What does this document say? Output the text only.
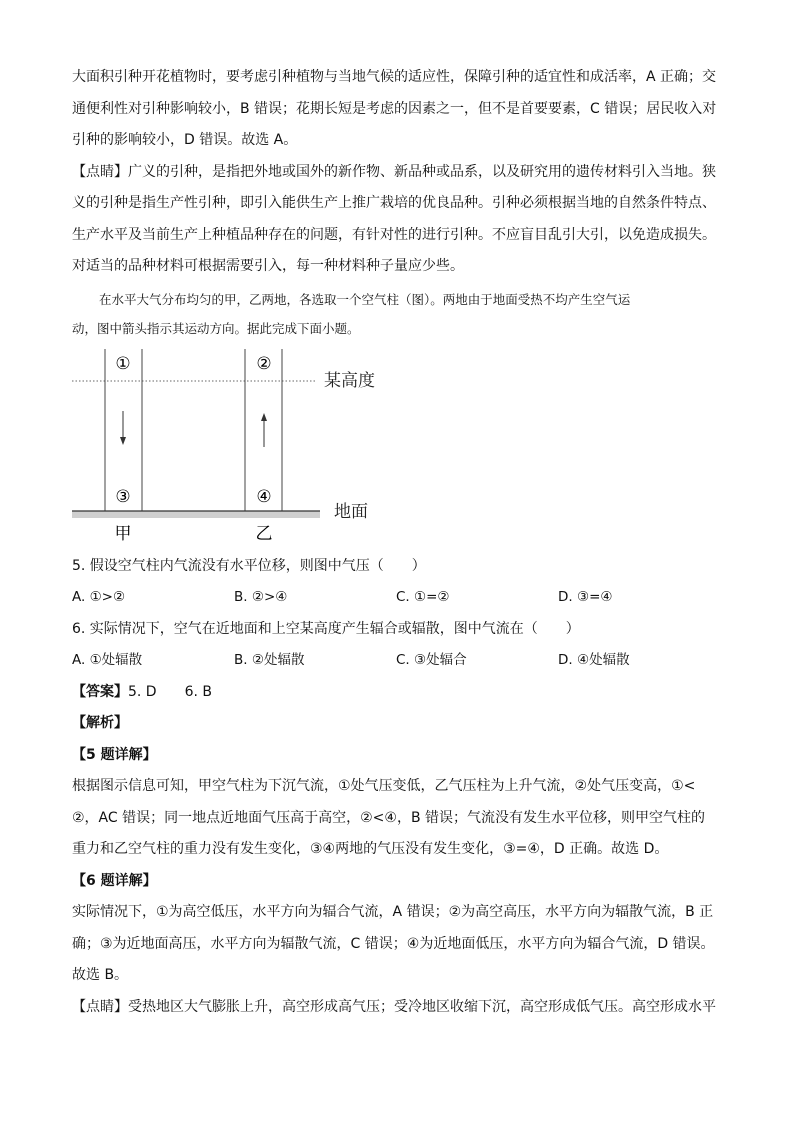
大面积引种开花植物时，要考虑引种植物与当地气候的适应性，保障引种的适宜性和成活率，A 正确；交

通便利性对引种影响较小，B 错误；花期长短是考虑的因素之一，但不是首要要素，C 错误；居民收入对

引种的影响较小，D 错误。故选 A。

【点睛】广义的引种，是指把外地或国外的新作物、新品种或品系，以及研究用的遗传材料引入当地。狭

义的引种是指生产性引种，即引入能供生产上推广栽培的优良品种。引种必须根据当地的自然条件特点、

生产水平及当前生产上种植品种存在的问题，有针对性的进行引种。不应盲目乱引大引，以免造成损失。

对适当的品种材料可根据需要引入，每一种材料种子量应少些。

在水平大气分布均匀的甲，乙两地，各选取一个空气柱（图）。两地由于地面受热不均产生空气运

动，图中箭头指示其运动方向。据此完成下面小题。

①	②
③	④
某高度
地面
甲	乙

5. 假设空气柱内气流没有水平位移，则图中气压（　　）

A. ①>②	B. ②>④	C. ①=②	D. ③=④

6. 实际情况下，空气在近地面和上空某高度产生辐合或辐散，图中气流在（　　）

A. ①处辐散	B. ②处辐散	C. ③处辐合	D. ④处辐散

【答案】5. D　　6. B

【解析】

【5 题详解】

根据图示信息可知，甲空气柱为下沉气流，①处气压变低，乙气压柱为上升气流，②处气压变高，①<

②，AC 错误；同一地点近地面气压高于高空，②<④，B 错误；气流没有发生水平位移，则甲空气柱的

重力和乙空气柱的重力没有发生变化，③④两地的气压没有发生变化，③=④，D 正确。故选 D。

【6 题详解】

实际情况下，①为高空低压，水平方向为辐合气流，A 错误；②为高空高压，水平方向为辐散气流，B 正

确；③为近地面高压，水平方向为辐散气流，C 错误；④为近地面低压，水平方向为辐合气流，D 错误。

故选 B。

【点睛】受热地区大气膨胀上升，高空形成高气压；受冷地区收缩下沉，高空形成低气压。高空形成水平
